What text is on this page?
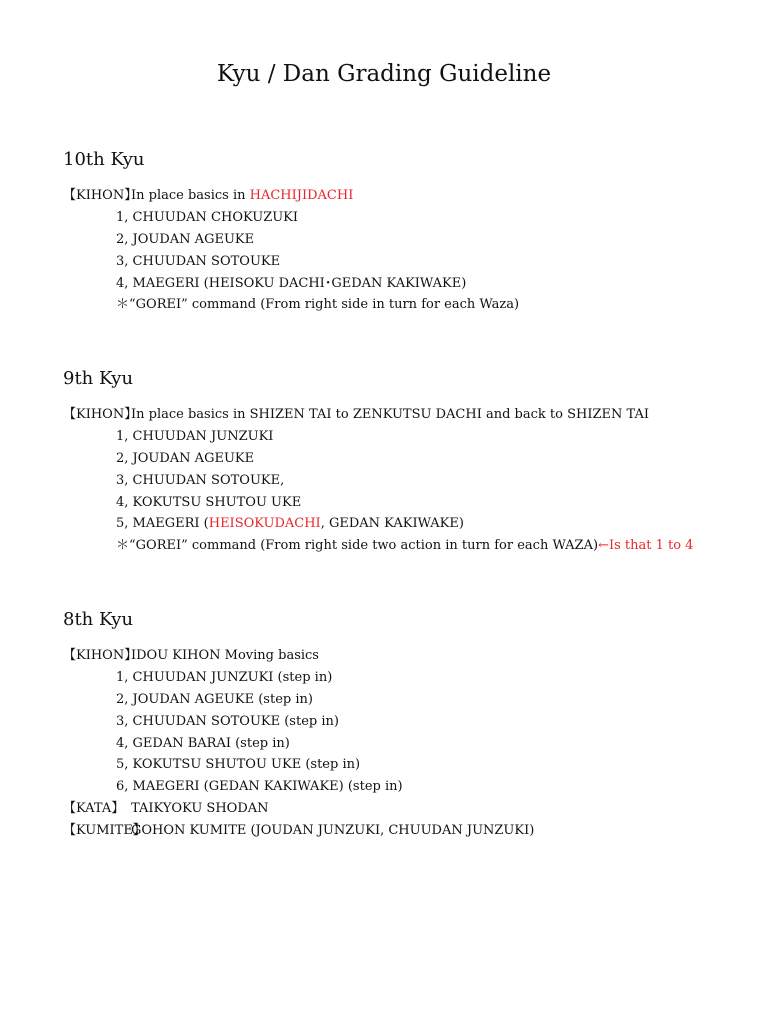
Kyu / Dan Grading Guideline
10th Kyu
【KIHON】
In place basics in HACHIJIDACHI
1, CHUUDAN CHOKUZUKI
2, JOUDAN AGEUKE
3, CHUUDAN SOTOUKE
4, MAEGERI (HEISOKU DACHI･GEDAN KAKIWAKE)
＊“GOREI” command (From right side in turn for each Waza)
9th Kyu
【KIHON】
In place basics in SHIZEN TAI to ZENKUTSU DACHI and back to SHIZEN TAI
1, CHUUDAN JUNZUKI
2, JOUDAN AGEUKE
3, CHUUDAN SOTOUKE,
4, KOKUTSU SHUTOU UKE
5, MAEGERI (HEISOKUDACHI, GEDAN KAKIWAKE)
＊“GOREI” command (From right side two action in turn for each WAZA)←Is that 1 to 4
8th Kyu
【KIHON】
IDOU KIHON Moving basics
1, CHUUDAN JUNZUKI (step in)
2, JOUDAN AGEUKE (step in)
3, CHUUDAN SOTOUKE (step in)
4, GEDAN BARAI (step in)
5, KOKUTSU SHUTOU UKE (step in)
6, MAEGERI (GEDAN KAKIWAKE) (step in)
【KATA】 TAIKYOKU SHODAN
【KUMITE】
GOHON KUMITE (JOUDAN JUNZUKI, CHUUDAN JUNZUKI)
